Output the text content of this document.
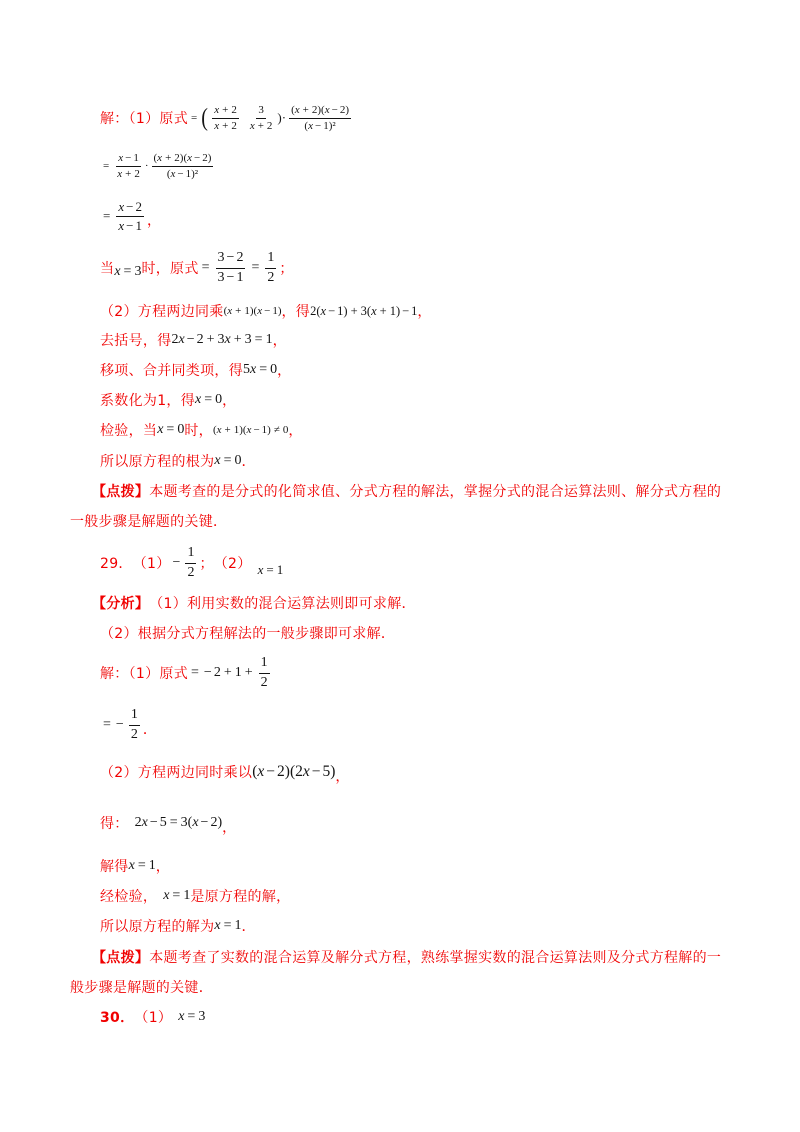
解：（1）原式 = ( $\frac{x + 2}{x + 2} \frac{3}{x + 2}$ )· $\frac{(x + 2)(x - 2)}{\text{(x − 1)²}}$
= $\frac{x - 1}{x + 2} \cdot \frac{(x + 2)(x - 2)}{\text{(x − 1)²}}$
= $\frac{x - 2}{x - 1}$ ，
当 x = 3 时，原式 = $\frac{3 - 2}{3 - 1} = \frac{1}{2}$ ；
（2）方程两边同乘 (x + 1)(x − 1) ，得 2(x − 1) + 3(x + 1) − 1 ，
去括号，得 2x − 2 + 3x + 3 = 1 ，
移项、合并同类项，得 5x = 0 ，
系数化为1，得 x = 0 ，
检验，当 x = 0 时， (x + 1)(x − 1) ≠ 0 ，
所以原方程的根为 x = 0 ．
【点拨】 本题考查的是分式的化简求值、分式方程的解法，掌握分式的混合运算法则、解分式方程的
一般步骤是解题的关键．
29． $(1) - \frac{1}{2}$ ； （2） x = 1
【分析】 （1）利用实数的混合运算法则即可求解．
（2）根据分式方程解法的一般步骤即可求解．
解：（1）原式 = − $2 + 1 + \frac{1}{2}$
= − $\frac{1}{2}$ ．
（2）方程两边同时乘以 (x − 2)(2x − 5) ，
得： 2x − 5 = 3(x − 2) ，
解得 x = 1 ，
经检验， x = 1 是原方程的解，
所以原方程的解为 x = 1 ．
【点拨】 本题考查了实数的混合运算及解分式方程，熟练掌握实数的混合运算法则及分式方程解的一
般步骤是解题的关键．
30． （1） x = 3
